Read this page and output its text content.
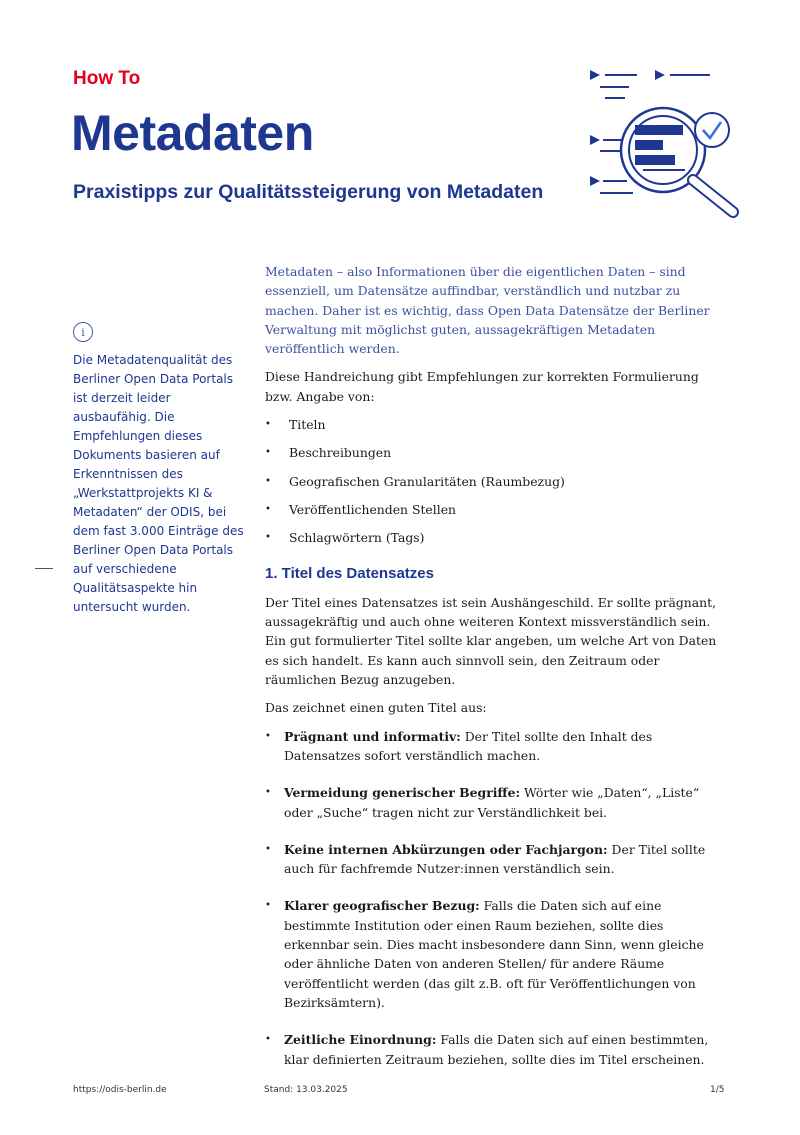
How To
Metadaten
Praxistipps zur Qualitätssteigerung von Metadaten
i
Die Metadatenqualität des Berliner Open Data Portals ist derzeit leider ausbaufähig. Die Empfehlungen dieses Dokuments basieren auf Erkenntnissen des „Werkstattprojekts KI & Metadaten“ der ODIS, bei dem fast 3.000 Einträge des Berliner Open Data Portals auf verschiedene Qualitätsaspekte hin untersucht wurden.

Metadaten – also Informationen über die eigentlichen Daten – sind essenziell, um Datensätze auffindbar, verständlich und nutzbar zu machen. Daher ist es wichtig, dass Open Data Datensätze der Berliner Verwaltung mit möglichst guten, aussagekräftigen Metadaten veröffentlich werden.

Diese Handreichung gibt Empfehlungen zur korrekten Formulierung bzw. Angabe von:

• Titeln
• Beschreibungen
• Geografischen Granularitäten (Raumbezug)
• Veröffentlichenden Stellen
• Schlagwörtern (Tags)
1. Titel des Datensatzes

Der Titel eines Datensatzes ist sein Aushängeschild. Er sollte prägnant, aussagekräftig und auch ohne weiteren Kontext missverständlich sein. Ein gut formulierter Titel sollte klar angeben, um welche Art von Daten es sich handelt. Es kann auch sinnvoll sein, den Zeitraum oder räumlichen Bezug anzugeben.

Das zeichnet einen guten Titel aus:

• Prägnant und informativ: Der Titel sollte den Inhalt des Datensatzes sofort verständlich machen.
• Vermeidung generischer Begriffe: Wörter wie „Daten“, „Liste“ oder „Suche“ tragen nicht zur Verständlichkeit bei.
• Keine internen Abkürzungen oder Fachjargon: Der Titel sollte auch für fachfremde Nutzer:innen verständlich sein.
• Klarer geografischer Bezug: Falls die Daten sich auf eine bestimmte Institution oder einen Raum beziehen, sollte dies erkennbar sein. Dies macht insbesondere dann Sinn, wenn gleiche oder ähnliche Daten von anderen Stellen/ für andere Räume veröffentlicht werden (das gilt z.B. oft für Veröffentlichungen von Bezirksämtern).
• Zeitliche Einordnung: Falls die Daten sich auf einen bestimmten, klar definierten Zeitraum beziehen, sollte dies im Titel erscheinen.
https://odis-berlin.de	Stand: 13.03.2025	1/5
